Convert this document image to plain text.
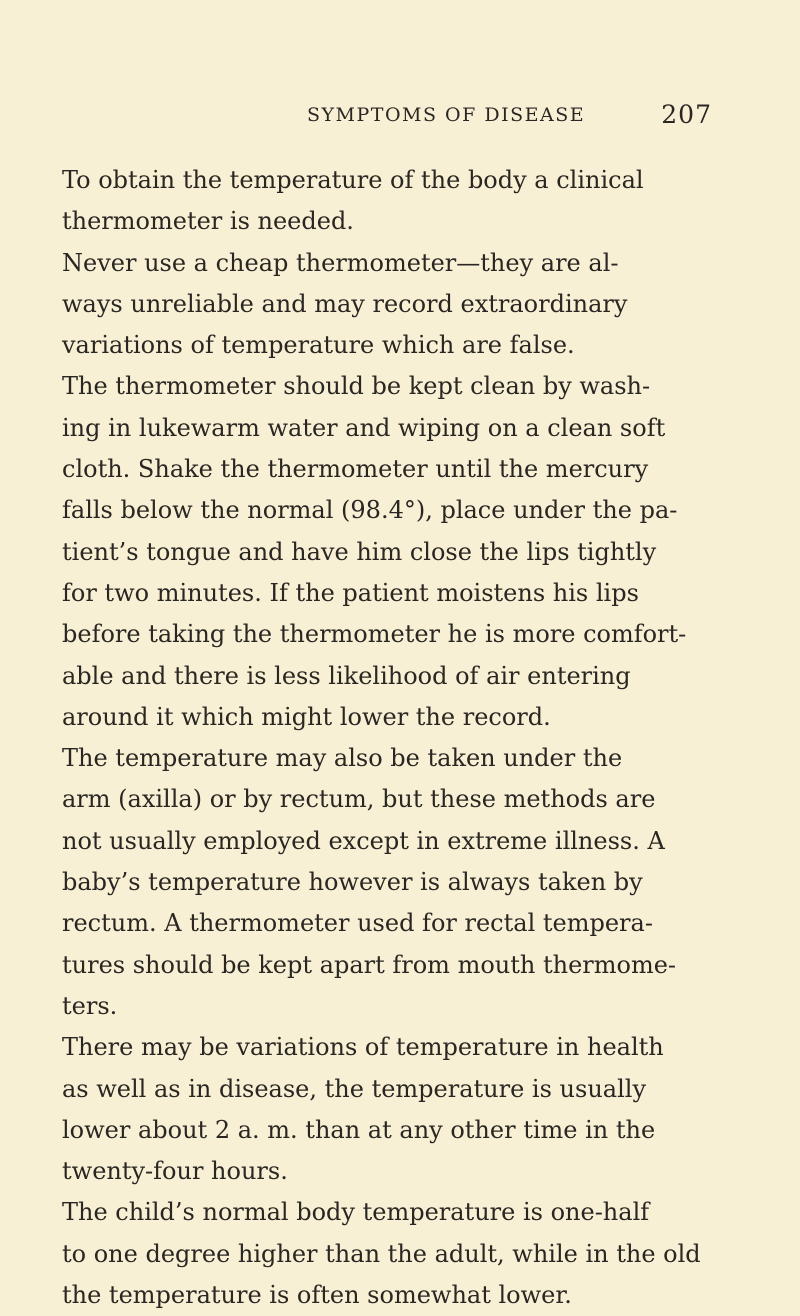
SYMPTOMS OF DISEASE	207
To obtain the temperature of the body a clinical
thermometer is needed.
Never use a cheap thermometer—they are al-
ways unreliable and may record extraordinary
variations of temperature which are false.
The thermometer should be kept clean by wash-
ing in lukewarm water and wiping on a clean soft
cloth. Shake the thermometer until the mercury
falls below the normal (98.4°), place under the pa-
tient’s tongue and have him close the lips tightly
for two minutes. If the patient moistens his lips
before taking the thermometer he is more comfort-
able and there is less likelihood of air entering
around it which might lower the record.
The temperature may also be taken under the
arm (axilla) or by rectum, but these methods are
not usually employed except in extreme illness. A
baby’s temperature however is always taken by
rectum. A thermometer used for rectal tempera-
tures should be kept apart from mouth thermome-
ters.
There may be variations of temperature in health
as well as in disease, the temperature is usually
lower about 2 a. m. than at any other time in the
twenty-four hours.
The child’s normal body temperature is one-half
to one degree higher than the adult, while in the old
the temperature is often somewhat lower.
